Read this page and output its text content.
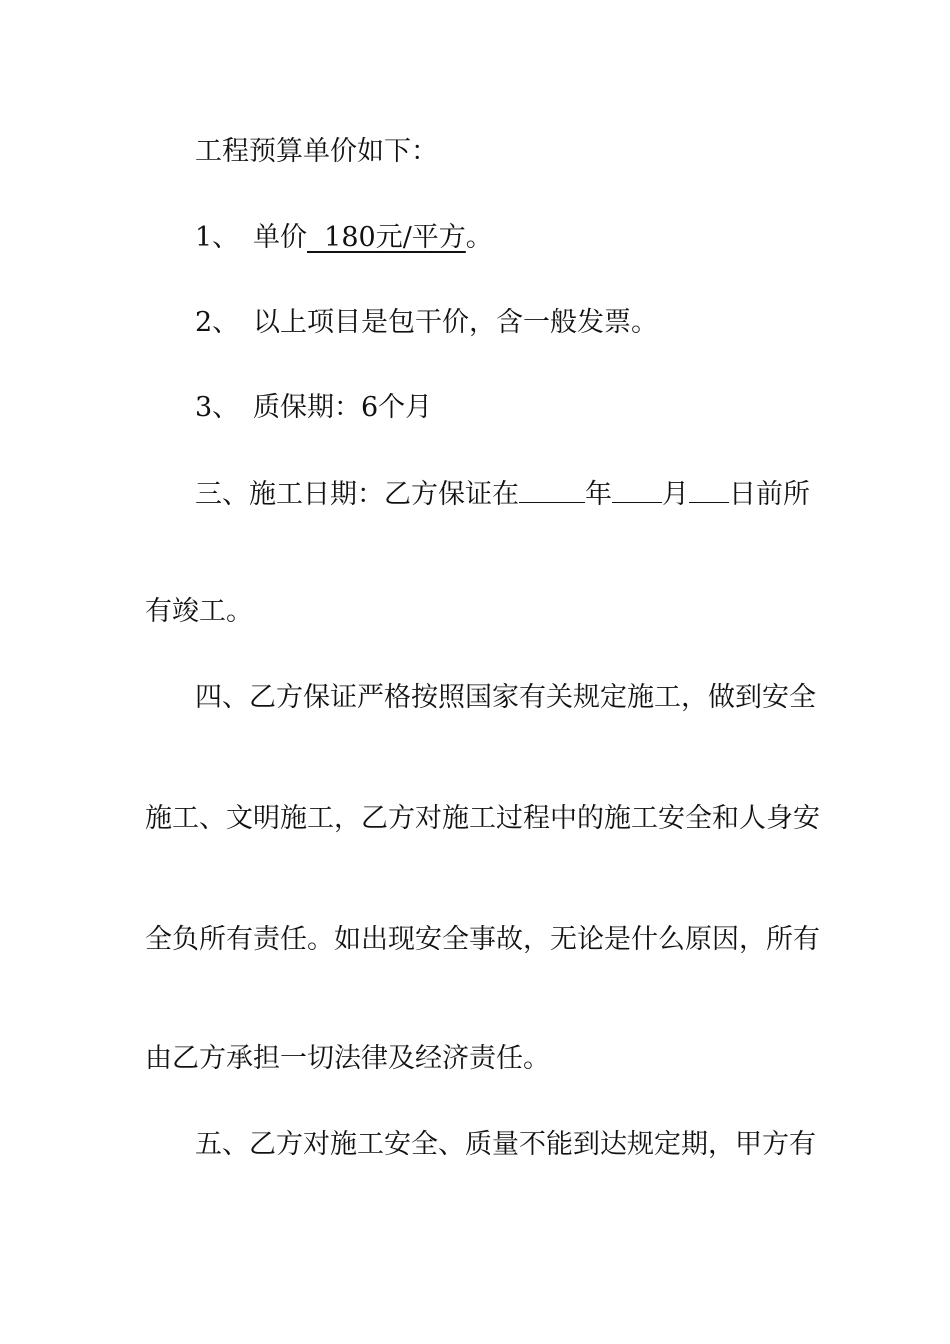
工程预算单价如下：
1、 单价  180元/平方。
2、 以上项目是包干价，含一般发票。
3、 质保期：6个月
三、施工日期：乙方保证在 年 月 日前所
有竣工。
四、乙方保证严格按照国家有关规定施工，做到安全
施工、文明施工，乙方对施工过程中的施工安全和人身安
全负所有责任。如出现安全事故，无论是什么原因，所有
由乙方承担一切法律及经济责任。
五、乙方对施工安全、质量不能到达规定期，甲方有
